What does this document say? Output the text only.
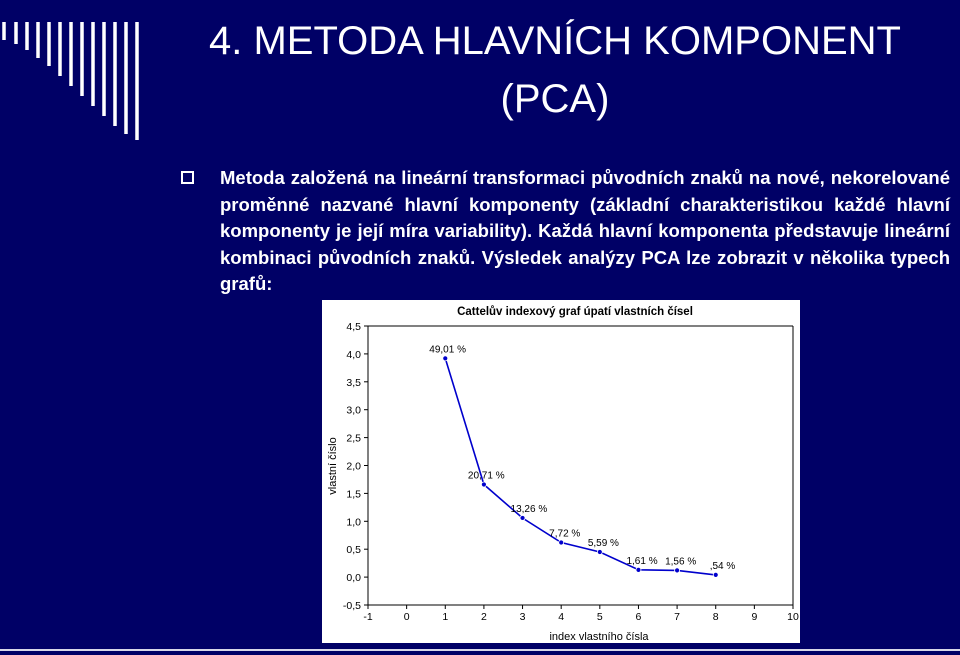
4. METODA HLAVNÍCH KOMPONENT
(PCA)

Metoda založená na lineární transformaci původních znaků na nové, nekorelované proměnné nazvané hlavní komponenty (základní charakteristikou každé hlavní komponenty je její míra variability). Každá hlavní komponenta představuje lineární kombinaci původních znaků. Výsledek analýzy PCA lze zobrazit v několika typech grafů:

Cattelův indexový graf úpatí vlastních čísel
4,5
4,0
3,5
3,0
2,5
2,0
1,5
1,0
0,5
0,0
-0,5
-1	0	1	2	3	4	5	6	7	8	9	10
49,01 %
20,71 %
13,26 %
7,72 %
5,59 %
1,61 % 1,56 % ,54 %
vlastní číslo
index vlastního čísla
